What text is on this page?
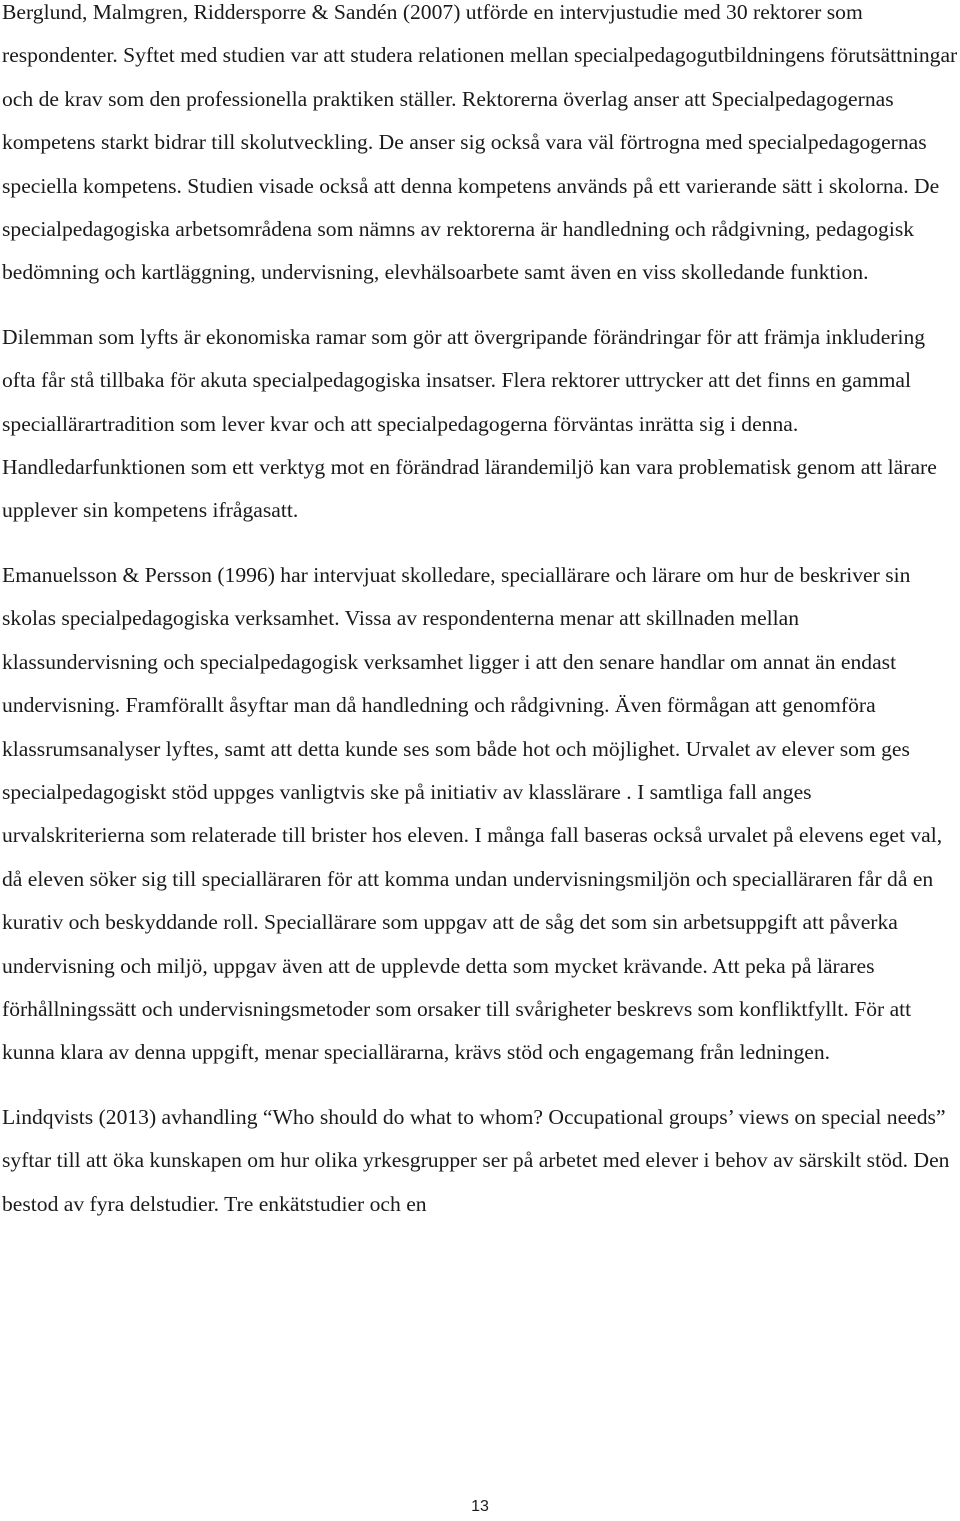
Berglund, Malmgren, Riddersporre & Sandén (2007) utförde en intervjustudie med 30 rektorer som respondenter. Syftet med studien var att studera relationen mellan specialpedagogutbildningens förutsättningar och de krav som den professionella praktiken ställer. Rektorerna överlag anser att Specialpedagogernas kompetens starkt bidrar till skolutveckling. De anser sig också vara väl förtrogna med specialpedagogernas speciella kompetens. Studien visade också att denna kompetens används på ett varierande sätt i skolorna. De specialpedagogiska arbetsområdena som nämns av rektorerna är handledning och rådgivning, pedagogisk bedömning och kartläggning, undervisning, elevhälsoarbete samt även en viss skolledande funktion.

Dilemman som lyfts är ekonomiska ramar som gör att övergripande förändringar för att främja inkludering ofta får stå tillbaka för akuta specialpedagogiska insatser. Flera rektorer uttrycker att det finns en gammal speciallärartradition som lever kvar och att specialpedagogerna förväntas inrätta sig i denna. Handledarfunktionen som ett verktyg mot en förändrad lärandemiljö kan vara problematisk genom att lärare upplever sin kompetens ifrågasatt.

Emanuelsson & Persson (1996) har intervjuat skolledare, speciallärare och lärare om hur de beskriver sin skolas specialpedagogiska verksamhet. Vissa av respondenterna menar att skillnaden mellan klassundervisning och specialpedagogisk verksamhet ligger i att den senare handlar om annat än endast undervisning. Framförallt åsyftar man då handledning och rådgivning. Även förmågan att genomföra klassrumsanalyser lyftes, samt att detta kunde ses som både hot och möjlighet. Urvalet av elever som ges specialpedagogiskt stöd uppges vanligtvis ske på initiativ av klasslärare . I samtliga fall anges urvalskriterierna som relaterade till brister hos eleven. I många fall baseras också urvalet på elevens eget val, då eleven söker sig till specialläraren för att komma undan undervisningsmiljön och specialläraren får då en kurativ och beskyddande roll. Speciallärare som uppgav att de såg det som sin arbetsuppgift att påverka undervisning och miljö, uppgav även att de upplevde detta som mycket krävande. Att peka på lärares förhållningssätt och undervisningsmetoder som orsaker till svårigheter beskrevs som konfliktfyllt. För att kunna klara av denna uppgift, menar speciallärarna, krävs stöd och engagemang från ledningen.

Lindqvists (2013) avhandling “Who should do what to whom? Occupational groups’ views on special needs” syftar till att öka kunskapen om hur olika yrkesgrupper ser på arbetet med elever i behov av särskilt stöd. Den bestod av fyra delstudier. Tre enkätstudier och en

13
